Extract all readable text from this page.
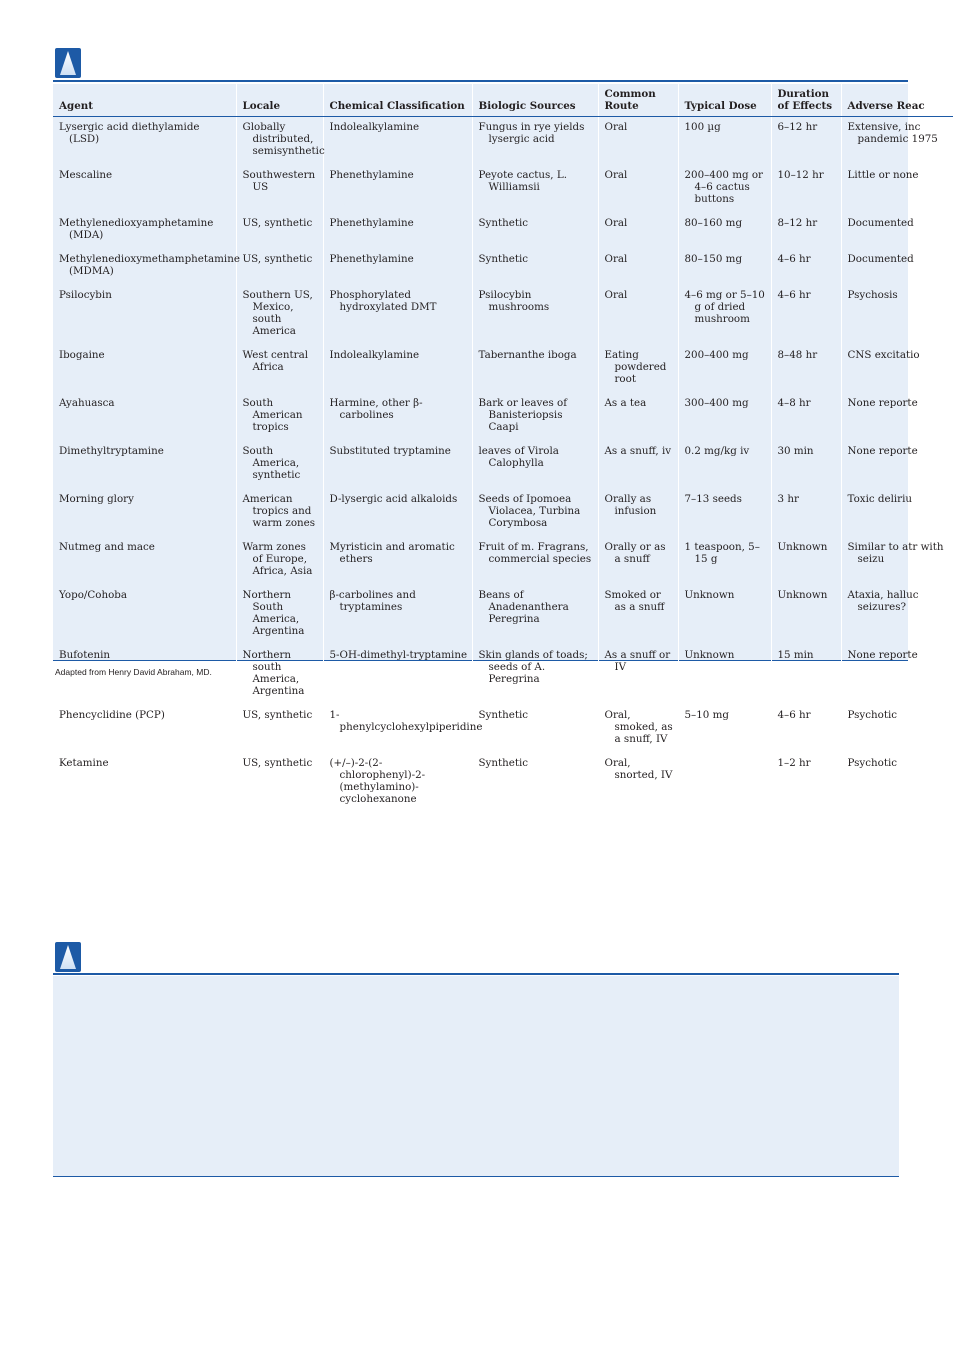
Agent	Locale	Chemical Classification	Biologic Sources	Common Route	Typical Dose	Duration of Effects	Adverse Reac

Lysergic acid diethylamide (LSD)	Globally distributed, semisynthetic	Indolealkylamine	Fungus in rye yields lysergic acid	Oral	100 µg	6–12 hr	Extensive, inc pandemic 1975

Mescaline	Southwestern US	Phenethylamine	Peyote cactus, L. Williamsii	Oral	200–400 mg or 4–6 cactus buttons	10–12 hr	Little or none

Methylenedioxyamphetamine (MDA)	US, synthetic	Phenethylamine	Synthetic	Oral	80–160 mg	8–12 hr	Documented

Methylenedioxymethamphetamine (MDMA)	US, synthetic	Phenethylamine	Synthetic	Oral	80–150 mg	4–6 hr	Documented

Psilocybin	Southern US, Mexico, south America	Phosphorylated hydroxylated DMT	Psilocybin mushrooms	Oral	4–6 mg or 5–10 g of dried mushroom	4–6 hr	Psychosis

Ibogaine	West central Africa	Indolealkylamine	Tabernanthe iboga	Eating powdered root	200–400 mg	8–48 hr	CNS excitatio

Ayahuasca	South American tropics	Harmine, other β-carbolines	Bark or leaves of Banisteriopsis Caapi	As a tea	300–400 mg	4–8 hr	None reporte

Dimethyltryptamine	South America, synthetic	Substituted tryptamine	leaves of Virola Calophylla	As a snuff, iv	0.2 mg/kg iv	30 min	None reporte

Morning glory	American tropics and warm zones	D-lysergic acid alkaloids	Seeds of Ipomoea Violacea, Turbina Corymbosa	Orally as infusion	7–13 seeds	3 hr	Toxic deliriu

Nutmeg and mace	Warm zones of Europe, Africa, Asia	Myristicin and aromatic ethers	Fruit of m. Fragrans, commercial species	Orally or as a snuff	1 teaspoon, 5–15 g	Unknown	Similar to atr with seizu

Yopo/Cohoba	Northern South America, Argentina	β-carbolines and tryptamines	Beans of Anadenanthera Peregrina	Smoked or as a snuff	Unknown	Unknown	Ataxia, halluc seizures?

Bufotenin	Northern south America, Argentina	5-OH-dimethyl-tryptamine	Skin glands of toads; seeds of A. Peregrina	As a snuff or IV	Unknown	15 min	None reporte

Phencyclidine (PCP)	US, synthetic	1-phenylcyclohexylpiperidine	Synthetic	Oral, smoked, as a snuff, IV	5–10 mg	4–6 hr	Psychotic

Ketamine	US, synthetic	(+/–)-2-(2-chlorophenyl)-2-(methylamino)-cyclohexanone	Synthetic	Oral, snorted, IV		1–2 hr	Psychotic
Adapted from Henry David Abraham, MD.
